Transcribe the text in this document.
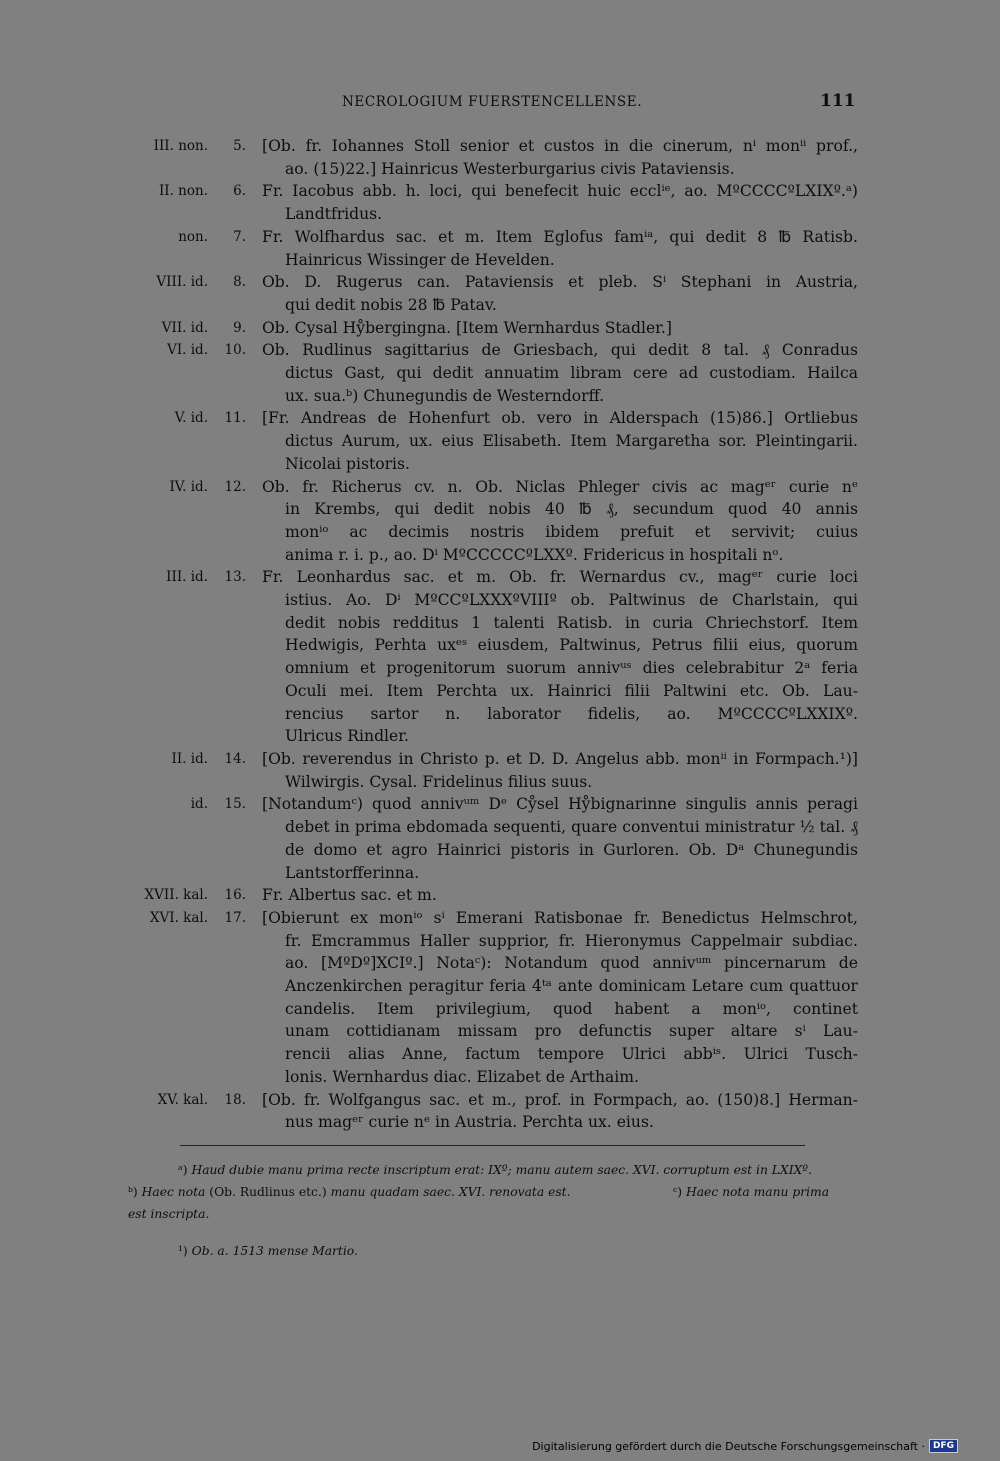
NECROLOGIUM FUERSTENCELLENSE.	111
III. non.	5. [Ob. fr. Iohannes Stoll senior et custos in die cinerum, nⁱ monⁱⁱ prof.,
ao. (15)22.] Hainricus Westerburgarius civis Pataviensis.
II. non.	6. Fr. Iacobus abb. h. loci, qui benefecit huic ecclⁱᵉ, ao. MºCCCCºLXIXº.ᵃ)
Landtfridus.
non.	7. Fr. Wolfhardus sac. et m. Item Eglofus famⁱᵃ, qui dedit 8 ℔ Ratisb.
Hainricus Wissinger de Hevelden.
VIII. id.	8. Ob. D. Rugerus can. Pataviensis et pleb. Sⁱ Stephani in Austria,
qui dedit nobis 28 ℔ Patav.
VII. id.	9. Ob. Cysal Hẙbergingna. [Item Wernhardus Stadler.]
VI. id.	10. Ob. Rudlinus sagittarius de Griesbach, qui dedit 8 tal. ₰ Conradus
dictus Gast, qui dedit annuatim libram cere ad custodiam. Hailca
ux. sua.ᵇ) Chunegundis de Westerndorff.
V. id.	11. [Fr. Andreas de Hohenfurt ob. vero in Alderspach (15)86.] Ortliebus
dictus Aurum, ux. eius Elisabeth. Item Margaretha sor. Pleintingarii.
Nicolai pistoris.
IV. id.	12. Ob. fr. Richerus cv. n. Ob. Niclas Phleger civis ac magᵉʳ curie nᵉ
in Krembs, qui dedit nobis 40 ℔ ₰, secundum quod 40 annis
monⁱᵒ ac decimis nostris ibidem prefuit et servivit; cuius
anima r. i. p., ao. Dⁱ MºCCCCCºLXXº. Fridericus in hospitali nᵒ.
III. id.	13. Fr. Leonhardus sac. et m. Ob. fr. Wernardus cv., magᵉʳ curie loci
istius. Ao. Dⁱ MºCCºLXXXºVIIIº ob. Paltwinus de Charlstain, qui
dedit nobis redditus 1 talenti Ratisb. in curia Chriechstorf. Item
Hedwigis, Perhta uxᵉˢ eiusdem, Paltwinus, Petrus filii eius, quorum
omnium et progenitorum suorum annivᵘˢ dies celebrabitur 2ᵃ feria
Oculi mei. Item Perchta ux. Hainrici filii Paltwini etc. Ob. Lau-
rencius sartor n. laborator fidelis, ao. MºCCCCºLXXIXº.
Ulricus Rindler.
II. id.	14. [Ob. reverendus in Christo p. et D. D. Angelus abb. monⁱⁱ in Formpach.¹)]
Wilwirgis. Cysal. Fridelinus filius suus.
id.	15. [Notandumᶜ) quod annivᵘᵐ Dᵉ Cẙsel Hẙbignarinne singulis annis peragi
debet in prima ebdomada sequenti, quare conventui ministratur ½ tal. ₰
de domo et agro Hainrici pistoris in Gurloren. Ob. Dᵃ Chunegundis
Lantstorfferinna.
XVII. kal.	16. Fr. Albertus sac. et m.
XVI. kal.	17. [Obierunt ex monⁱᵒ sⁱ Emerani Ratisbonae fr. Benedictus Helmschrot,
fr. Emcrammus Haller supprior, fr. Hieronymus Cappelmair subdiac.
ao. [MºDº]XCIº.] Notaᶜ): Notandum quod annivᵘᵐ pincernarum de
Anczenkirchen peragitur feria 4ᵗᵃ ante dominicam Letare cum quattuor
candelis. Item privilegium, quod habent a monⁱᵒ, continet
unam cottidianam missam pro defunctis super altare sⁱ Lau-
rencii alias Anne, factum tempore Ulrici abbⁱˢ. Ulrici Tusch-
lonis. Wernhardus diac. Elizabet de Arthaim.
XV. kal.	18. [Ob. fr. Wolfgangus sac. et m., prof. in Formpach, ao. (150)8.] Herman-
nus magᵉʳ curie nᵉ in Austria. Perchta ux. eius.
ᵃ) Haud dubie manu prima recte inscriptum erat: IXº; manu autem saec. XVI. corruptum est in LXIXº.
ᵇ) Haec nota (Ob. Rudlinus etc.) manu quadam saec. XVI. renovata est.	ᶜ) Haec nota manu prima
est inscripta.
¹) Ob. a. 1513 mense Martio.
Digitalisierung gefördert durch die Deutsche Forschungsgemeinschaft · DFG
